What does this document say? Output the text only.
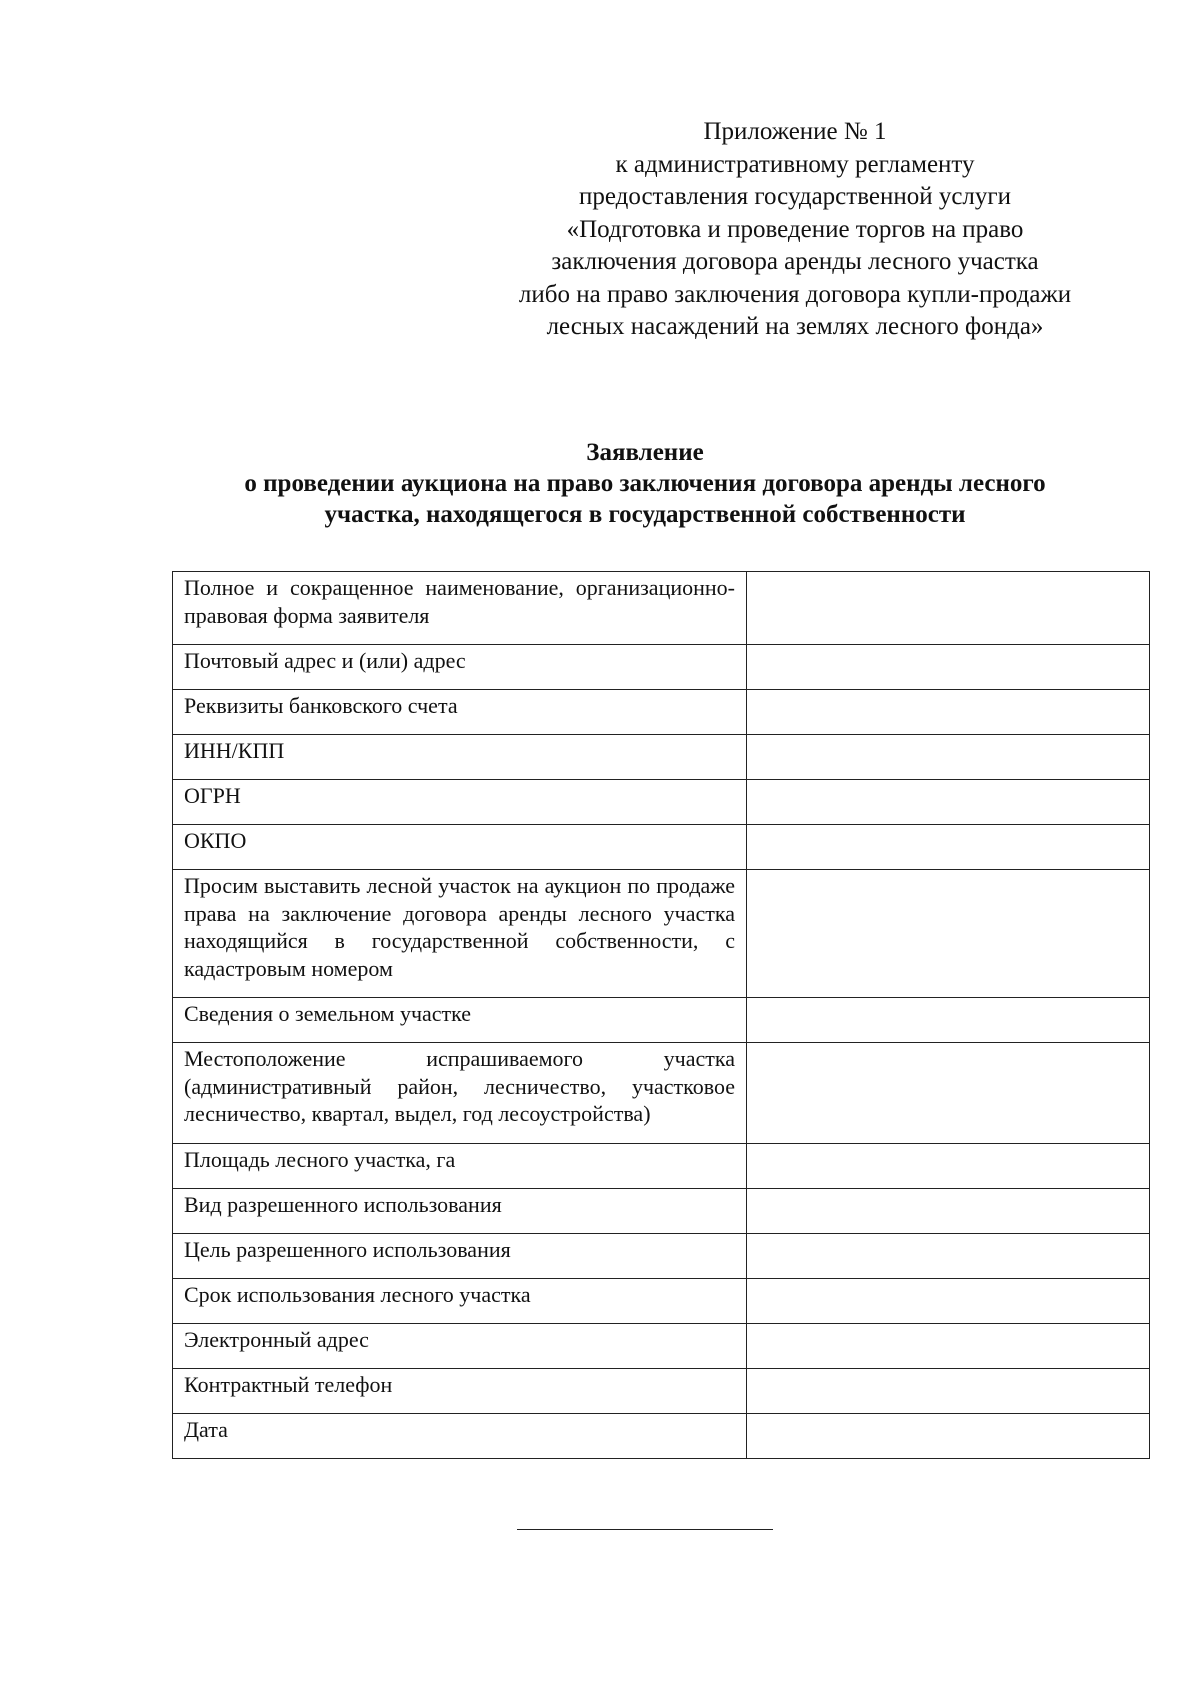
Приложение № 1
к административному регламенту
предоставления государственной услуги
«Подготовка и проведение торгов на право
заключения договора аренды лесного участка
либо на право заключения договора купли-продажи
лесных насаждений на землях лесного фонда»
Заявление
о проведении аукциона на право заключения договора аренды лесного
участка, находящегося в государственной собственности
Полное и сокращенное наименование, организационно-правовая форма заявителя	
Почтовый адрес и (или) адрес	
Реквизиты банковского счета	
ИНН/КПП	
ОГРН	
ОКПО	
Просим выставить лесной участок на аукцион по продаже права на заключение договора аренды лесного участка находящийся в государственной собственности, с кадастровым номером	
Сведения о земельном участке	
Местоположение испрашиваемого участка (административный район, лесничество, участковое лесничество, квартал, выдел, год лесоустройства)	
Площадь лесного участка, га	
Вид разрешенного использования	
Цель разрешенного использования	
Срок использования лесного участка	
Электронный адрес	
Контрактный телефон	
Дата	
